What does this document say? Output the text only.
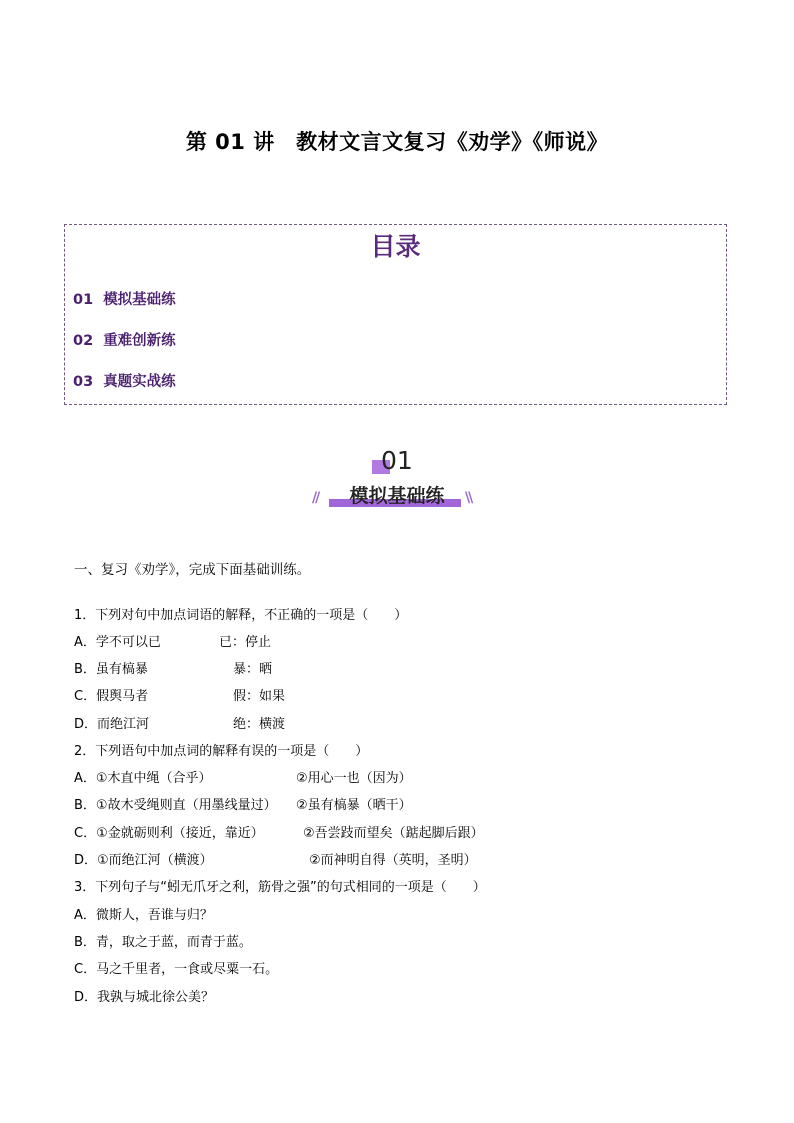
第 01 讲　教材文言文复习《劝学》《师说》
目录
01 模拟基础练
02 重难创新练
03 真题实战练
01
模拟基础练
//	\\
一、复习《劝学》，完成下面基础训练。
1．下列对句中加点词语的解释，不正确的一项是（　　）
A．学不可以已	已：停止
B．虽有槁暴	暴：晒
C．假舆马者	假：如果
D．而绝江河	绝：横渡
2．下列语句中加点词的解释有误的一项是（　　）
A．①木直中绳（合乎）	②用心一也（因为）
B．①故木受绳则直（用墨线量过） ②虽有槁暴（晒干）
C．①金就砺则利（接近，靠近）	②吾尝跂而望矣（踮起脚后跟）
D．①而绝江河（横渡）	②而神明自得（英明，圣明）
3．下列句子与“蚓无爪牙之利，筋骨之强”的句式相同的一项是（　　）
A．微斯人，吾谁与归？
B．青，取之于蓝，而青于蓝。
C．马之千里者，一食或尽粟一石。
D．我孰与城北徐公美？
